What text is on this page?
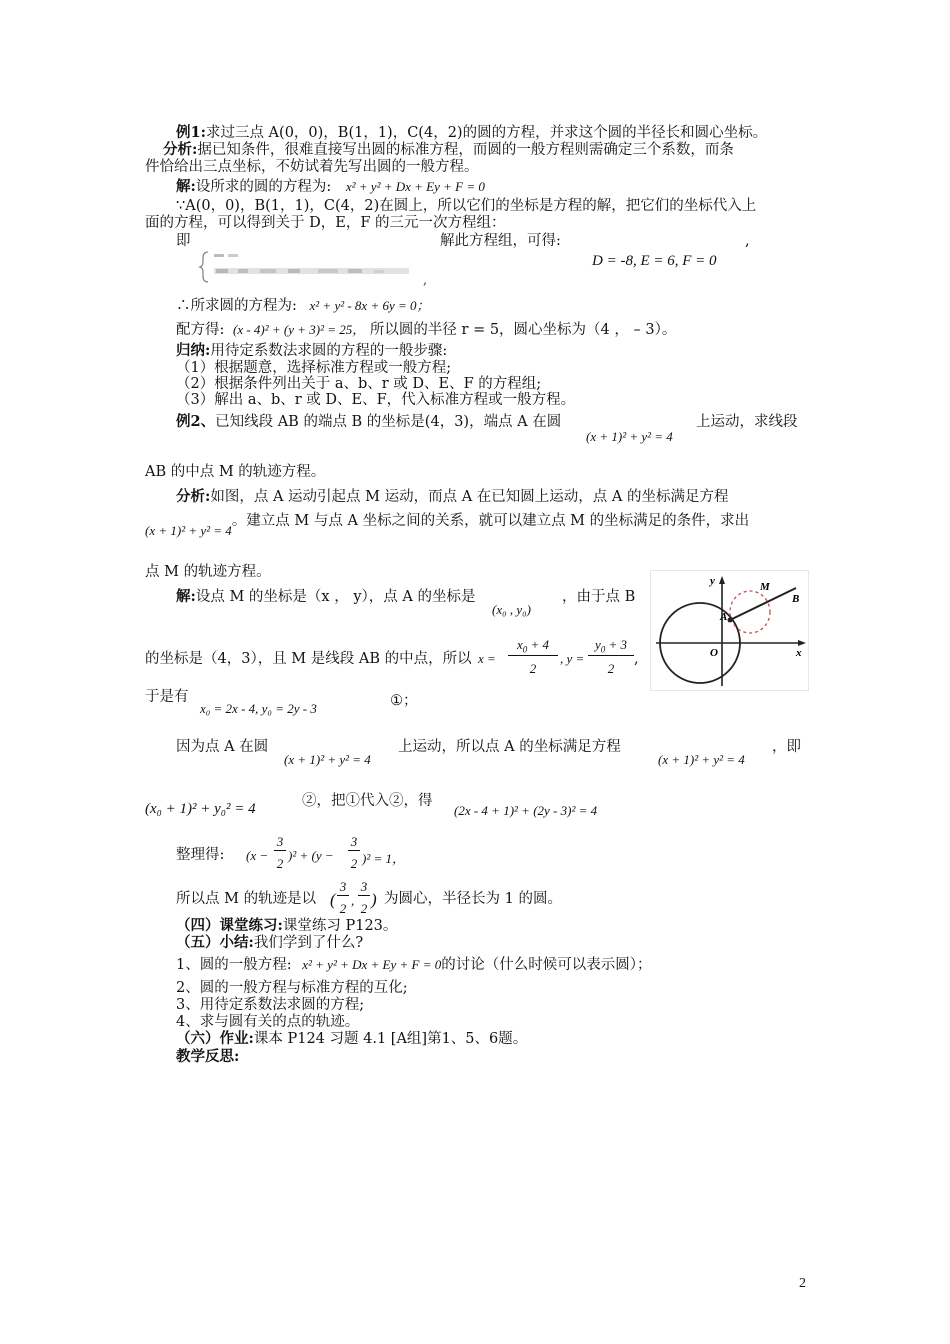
例1:求过三点 A(0，0)，B(1，1)，C(4，2)的圆的方程，并求这个圆的半径长和圆心坐标。
分析:据已知条件，很难直接写出圆的标准方程，而圆的一般方程则需确定三个系数，而条
件恰给出三点坐标，不妨试着先写出圆的一般方程。
解:设所求的圆的方程为: x² + y² + Dx + Ey + F = 0
∵A(0，0)，B(1，1)，C(4，2)在圆上，所以它们的坐标是方程的解，把它们的坐标代入上
面的方程，可以得到关于 D，E，F 的三元一次方程组：
即	解此方程组，可得:	,
,
D = -8, E = 6, F = 0
∴所求圆的方程为: x² + y² - 8x + 6y = 0；
配方得: (x - 4)² + (y + 3)² = 25， 所以圆的半径 r = 5，圆心坐标为（4 ， – 3）。
归纳:用待定系数法求圆的方程的一般步骤:
（1）根据题意，选择标准方程或一般方程;
（2）根据条件列出关于 a、b、r 或 D、E、F 的方程组;
（3）解出 a、b、r 或 D、E、F，代入标准方程或一般方程。
例2、已知线段 AB 的端点 B 的坐标是(4，3)，端点 A 在圆
(x + 1)² + y² = 4
上运动，求线段
AB 的中点 M 的轨迹方程。
分析:如图，点 A 运动引起点 M 运动，而点 A 在已知圆上运动，点 A 的坐标满足方程
(x + 1)² + y² = 4。建立点 M 与点 A 坐标之间的关系，就可以建立点 M 的坐标满足的条件，求出
点 M 的轨迹方程。
解:设点 M 的坐标是（x ， y），点 A 的坐标是
(x₀ , y₀)
，由于点 B
的坐标是（4，3），且 M 是线段 AB 的中点，所以 x =
$x_0 + 4$
2
, y =
$y_0 + 3$
2
,
于是有
x₀ = 2x - 4, y₀ = 2y - 3	①；
因为点 A 在圆
(x + 1)² + y² = 4
上运动，所以点 A 的坐标满足方程
(x + 1)² + y² = 4
，即
(x₀ + 1)² + y₀² = 4	②，把①代入②，得
(2x - 4 + 1)² + (2y - 3)² = 4
整理得: (x −
3
2
)² + (y −
3
2 )² = 1，
所以点 M 的轨迹是以 (
3
2
,
3
2 ) 为圆心，半径长为 1 的圆。
y	M
B
A
O	x
（四）课堂练习:课堂练习 P123。
（五）小结:我们学到了什么?
1、圆的一般方程: x² + y² + Dx + Ey + F = 0的讨论（什么时候可以表示圆）；
2、圆的一般方程与标准方程的互化;
3、用待定系数法求圆的方程;
4、求与圆有关的点的轨迹。
（六）作业:课本 P124 习题 4.1 [A组]第1、5、6题。
教学反思:
2
